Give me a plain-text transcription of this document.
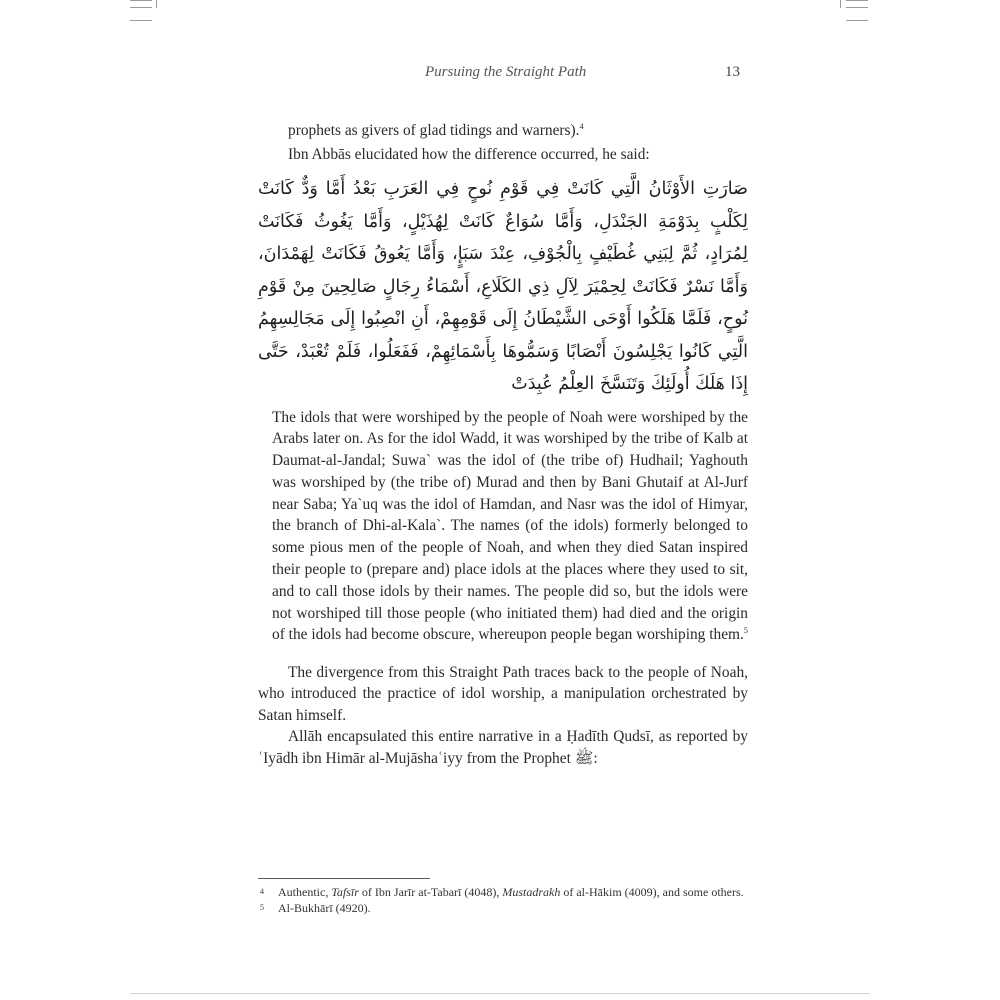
Pursuing the Straight Path	13

prophets as givers of glad tidings and warners).$^4$

Ibn Abbās elucidated how the difference occurred, he said:

صَارَتِ الأَوْثَانُ الَّتِي كَانَتْ فِي قَوْمِ نُوحٍ فِي العَرَبِ بَعْدُ أَمَّا وَدٌّ كَانَتْ لِكَلْبٍ بِدَوْمَةِ الجَنْدَلِ، وَأَمَّا سُوَاعٌ كَانَتْ لِهُذَيْلٍ، وَأَمَّا يَغُوثُ فَكَانَتْ لِمُرَادٍ، ثُمَّ لِبَنِي غُطَيْفٍ بِالْجُوْفِ، عِنْدَ سَبَإٍ، وَأَمَّا يَعُوقُ فَكَانَتْ لِهَمْدَانَ، وَأَمَّا نَسْرٌ فَكَانَتْ لِحِمْيَرَ لِآلِ ذِي الكَلَاعِ، أَسْمَاءُ رِجَالٍ صَالِحِينَ مِنْ قَوْمِ نُوحٍ، فَلَمَّا هَلَكُوا أَوْحَى الشَّيْطَانُ إِلَى قَوْمِهِمْ، أَنِ انْصِبُوا إِلَى مَجَالِسِهِمُ الَّتِي كَانُوا يَجْلِسُونَ أَنْصَابًا وَسَمُّوهَا بِأَسْمَائِهِمْ، فَفَعَلُوا، فَلَمْ تُعْبَدْ، حَتَّى إِذَا هَلَكَ أُولَئِكَ وَتَنَسَّخَ العِلْمُ عُبِدَتْ

The idols that were worshiped by the people of Noah were worshiped by the Arabs later on. As for the idol Wadd, it was worshiped by the tribe of Kalb at Daumat-al-Jandal; Suwa` was the idol of (the tribe of) Hudhail; Yaghouth was worshiped by (the tribe of) Murad and then by Bani Ghutaif at Al-Jurf near Saba; Ya`uq was the idol of Hamdan, and Nasr was the idol of Himyar, the branch of Dhi-al-Kala`. The names (of the idols) formerly belonged to some pious men of the people of Noah, and when they died Satan inspired their people to (prepare and) place idols at the places where they used to sit, and to call those idols by their names. The people did so, but the idols were not worshiped till those people (who initiated them) had died and the origin of the idols had become obscure, whereupon people began worshiping them.$^5$

The divergence from this Straight Path traces back to the people of Noah, who introduced the practice of idol worship, a manipulation orchestrated by Satan himself.

Allāh encapsulated this entire narrative in a Ḥadīth Qudsī, as reported by ʿIyādh ibn Himār al-Mujāshaʿiyy from the Prophet ﷺ:

4 Authentic, Tafsīr of Ibn Jarīr at-Tabarī (4048), Mustadrakh of al-Hākim (4009), and some others.

5 Al-Bukhārī (4920).
